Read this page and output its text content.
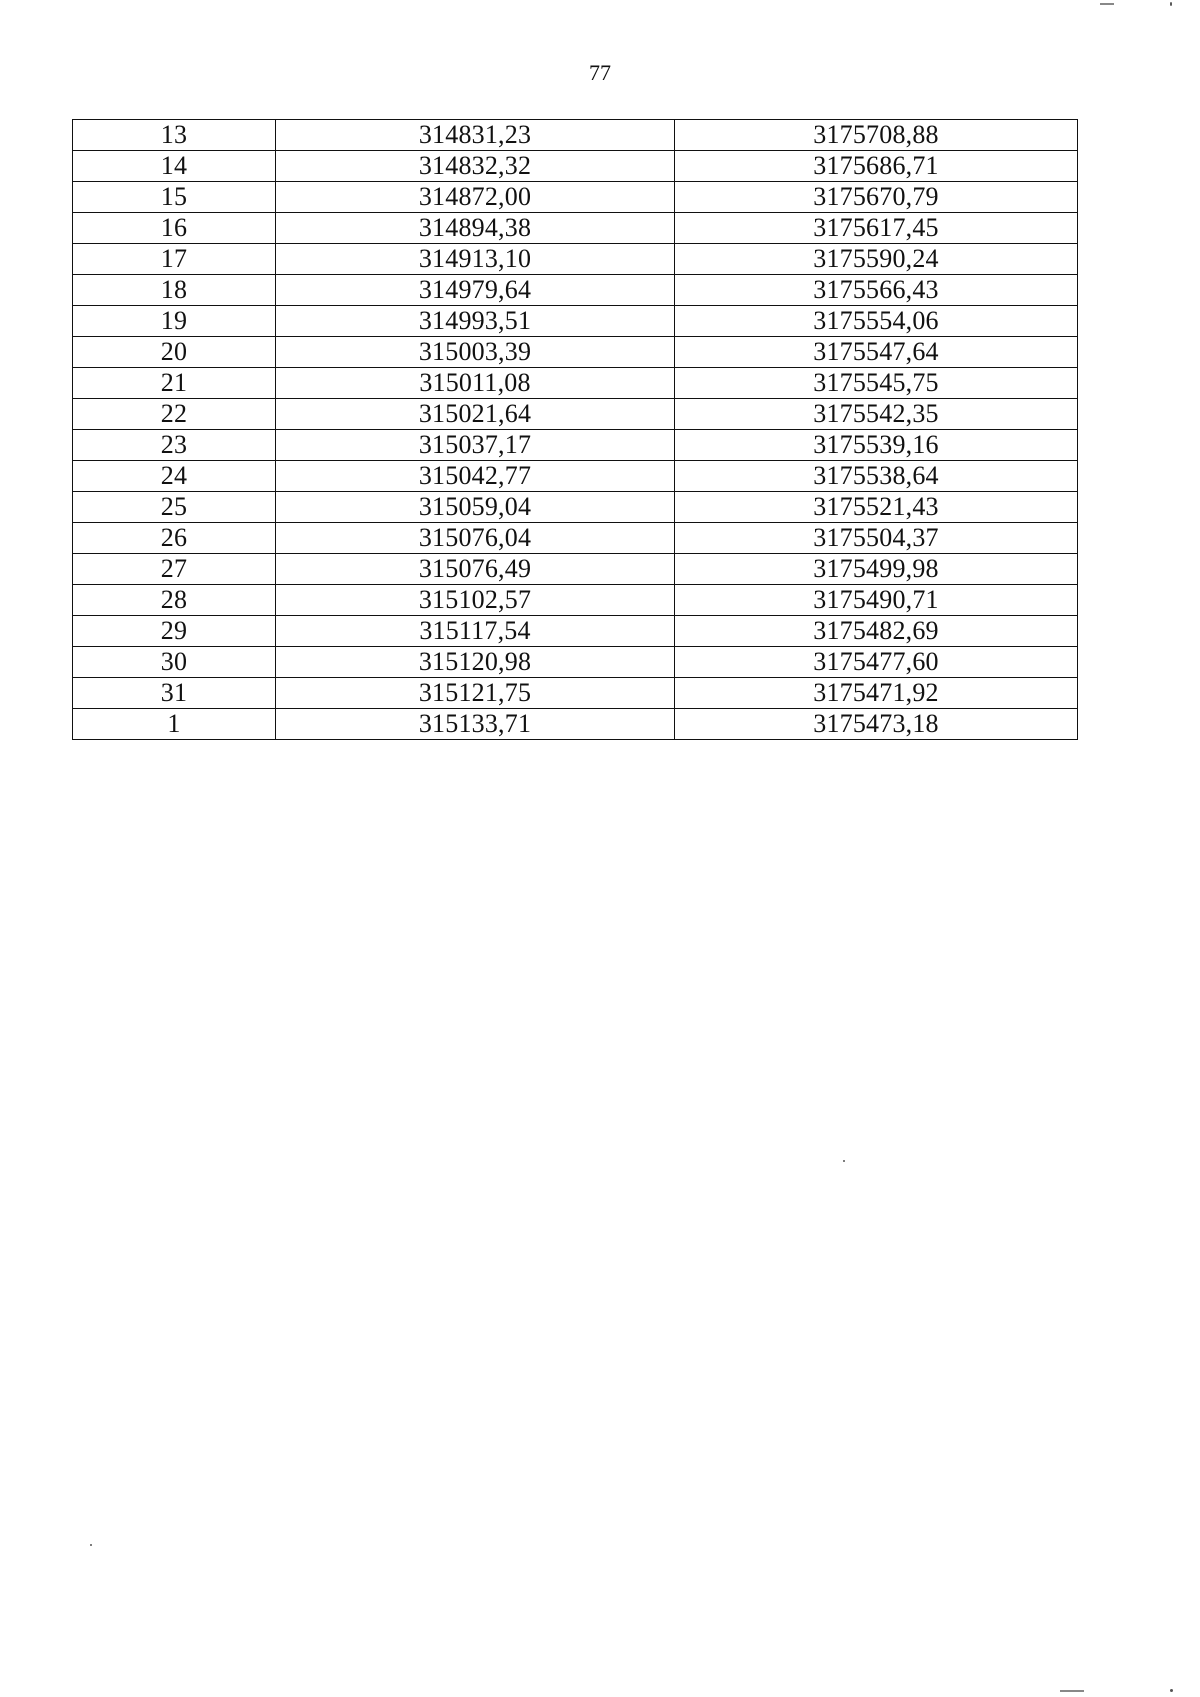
77
13	314831,23	3175708,88
14	314832,32	3175686,71
15	314872,00	3175670,79
16	314894,38	3175617,45
17	314913,10	3175590,24
18	314979,64	3175566,43
19	314993,51	3175554,06
20	315003,39	3175547,64
21	315011,08	3175545,75
22	315021,64	3175542,35
23	315037,17	3175539,16
24	315042,77	3175538,64
25	315059,04	3175521,43
26	315076,04	3175504,37
27	315076,49	3175499,98
28	315102,57	3175490,71
29	315117,54	3175482,69
30	315120,98	3175477,60
31	315121,75	3175471,92
1	315133,71	3175473,18
